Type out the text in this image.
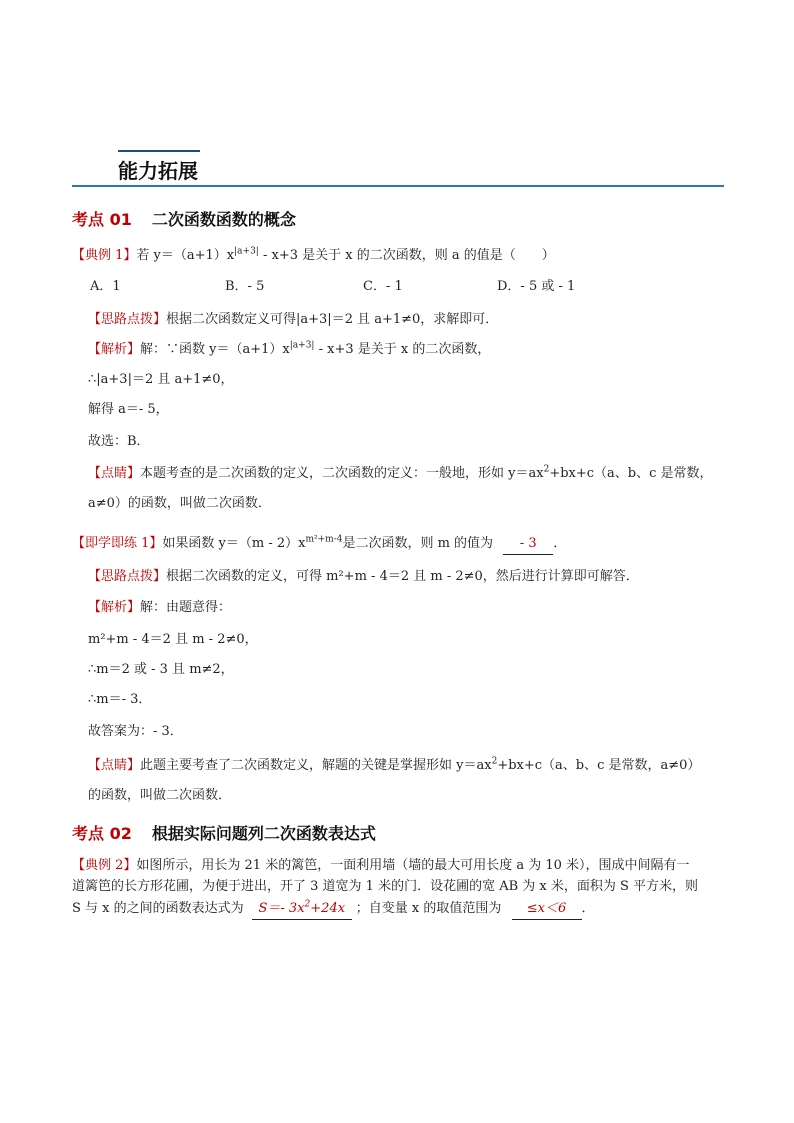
能力拓展
考点 01 二次函数函数的概念
【典例 1】若 $y=(a+1)x^{|a+3|} - x+3$ 是关于 x 的二次函数，则 a 的值是（　　）
A．1	B．- 5	C．- 1	D．- 5 或 - 1
【思路点拨】根据二次函数定义可得|a+3|＝2 且 a+1≠0，求解即可．
【解析】解：∵函数 $y=(a+1)x^{|a+3|} - x+3$ 是关于 x 的二次函数，
∴|a+3|＝2 且 a+1≠0，
解得 a＝- 5，
故选：B．
【点睛】本题考查的是二次函数的定义，二次函数的定义：一般地，形如 $y=ax^2+bx+c(a$、b、c 是常数，
a≠0）的函数，叫做二次函数．
【即学即练 1】如果函数 $y=(m - 2)x^{m^2+m-4}$是二次函数，则 m 的值为 - 3 ．
【思路点拨】根据二次函数的定义，可得 m²+m - 4＝2 且 m - 2≠0，然后进行计算即可解答．
【解析】解：由题意得：
m²+m - 4＝2 且 m - 2≠0，
∴m＝2 或 - 3 且 m≠2，
∴m＝- 3．
故答案为：- 3．
【点睛】此题主要考查了二次函数定义，解题的关键是掌握形如 $y=ax^2+bx+c(a$、b、c 是常数，a≠0）
的函数，叫做二次函数．
考点 02 根据实际问题列二次函数表达式
【典例 2】如图所示，用长为 21 米的篱笆，一面利用墙（墙的最大可用长度 a 为 10 米），围成中间隔有一
道篱笆的长方形花圃，为便于进出，开了 3 道宽为 1 米的门．设花圃的宽 AB 为 x 米，面积为 S 平方米，则
S 与 x 的之间的函数表达式为 S＝- $3x^2+24x$ ；自变量 x 的取值范围为 ≤x＜6 ．
